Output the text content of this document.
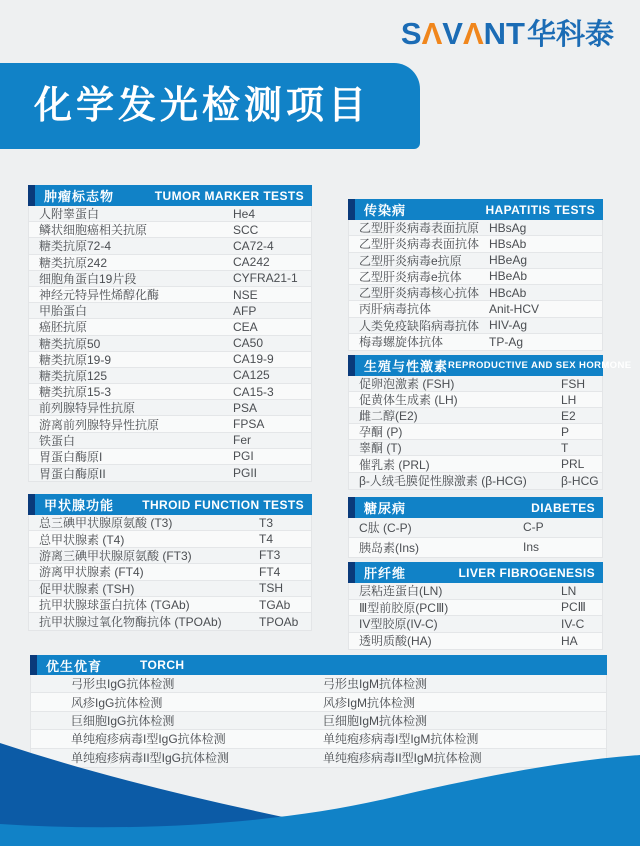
SΛVΛNT华科泰
化学发光检测项目
肿瘤标志物	TUMOR MARKER TESTS
人附睾蛋白	He4
鳞状细胞癌相关抗原	SCC
糖类抗原72-4	CA72-4
糖类抗原242	CA242
细胞角蛋白19片段	CYFRA21-1
神经元特异性烯醇化酶	NSE
甲胎蛋白	AFP
癌胚抗原	CEA
糖类抗原50	CA50
糖类抗原19-9	CA19-9
糖类抗原125	CA125
糖类抗原15-3	CA15-3
前列腺特异性抗原	PSA
游离前列腺特异性抗原	FPSA
铁蛋白	Fer
胃蛋白酶原I	PGI
胃蛋白酶原II	PGII
甲状腺功能 THROID FUNCTION TESTS
总三碘甲状腺原氨酸 (T3)	T3
总甲状腺素 (T4)	T4
游离三碘甲状腺原氨酸 (FT3)	FT3
游离甲状腺素 (FT4)	FT4
促甲状腺素 (TSH)	TSH
抗甲状腺球蛋白抗体 (TGAb)	TGAb
抗甲状腺过氧化物酶抗体 (TPOAb)	TPOAb
传染病	HAPATITIS TESTS
乙型肝炎病毒表面抗原 HBsAg
乙型肝炎病毒表面抗体 HBsAb
乙型肝炎病毒e抗原 HBeAg
乙型肝炎病毒e抗体 HBeAb
乙型肝炎病毒核心抗体 HBcAb
丙肝病毒抗体	Anit-HCV
人类免疫缺陷病毒抗体 HIV-Ag
梅毒螺旋体抗体	TP-Ag
生殖与性激素 REPRODUCTIVE AND SEX HORMONE
促卵泡激素 (FSH)	FSH
促黄体生成素 (LH)	LH
雌二醇(E2)	E2
孕酮 (P)	P
睾酮 (T)	T
催乳素 (PRL)	PRL
β-人绒毛膜促性腺激素 (β-HCG)	β-HCG
糖尿病	DIABETES
C肽 (C-P)	C-P
胰岛素(Ins)	Ins
肝纤维	LIVER FIBROGENESIS
层粘连蛋白(LN)	LN
Ⅲ型前胶原(PCⅢ)	PCⅢ
IV型胶原(IV-C)	IV-C
透明质酸(HA)	HA
优生优育	TORCH
弓形虫IgG抗体检测	弓形虫IgM抗体检测
风疹IgG抗体检测	风疹IgM抗体检测
巨细胞IgG抗体检测	巨细胞IgM抗体检测
单纯疱疹病毒I型IgG抗体检测	单纯疱疹病毒I型IgM抗体检测
单纯疱疹病毒II型IgG抗体检测	单纯疱疹病毒II型IgM抗体检测
